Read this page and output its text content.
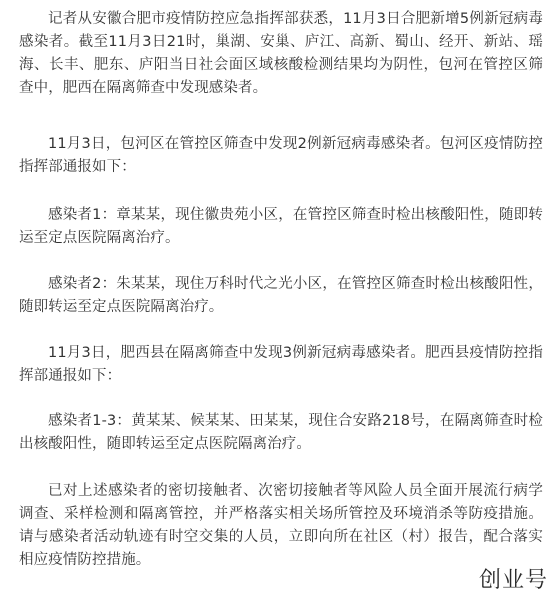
记者从安徽合肥市疫情防控应急指挥部获悉，11月3日合肥新增5例新冠病毒感染者。截至11月3日21时，巢湖、安巢、庐江、高新、蜀山、经开、新站、瑶海、长丰、肥东、庐阳当日社会面区域核酸检测结果均为阴性，包河在管控区筛查中，肥西在隔离筛查中发现感染者。

11月3日，包河区在管控区筛查中发现2例新冠病毒感染者。包河区疫情防控指挥部通报如下：

感染者1：章某某，现住徽贵苑小区，在管控区筛查时检出核酸阳性，随即转运至定点医院隔离治疗。

感染者2：朱某某，现住万科时代之光小区，在管控区筛查时检出核酸阳性，随即转运至定点医院隔离治疗。

11月3日，肥西县在隔离筛查中发现3例新冠病毒感染者。肥西县疫情防控指挥部通报如下：

感染者1-3：黄某某、候某某、田某某，现住合安路218号，在隔离筛查时检出核酸阳性，随即转运至定点医院隔离治疗。

已对上述感染者的密切接触者、次密切接触者等风险人员全面开展流行病学调查、采样检测和隔离管控，并严格落实相关场所管控及环境消杀等防疫措施。请与感染者活动轨迹有时空交集的人员，立即向所在社区（村）报告，配合落实相应疫情防控措施。

创业号
